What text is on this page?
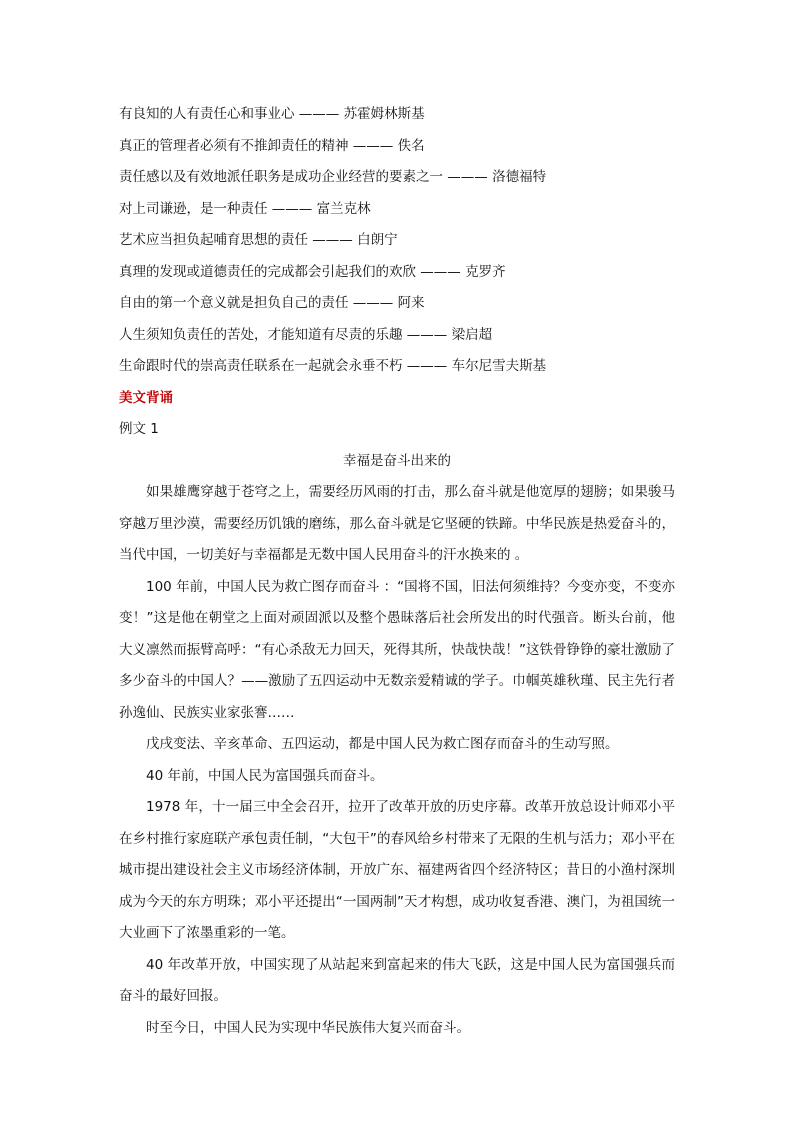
有良知的人有责任心和事业心 ——— 苏霍姆林斯基
真正的管理者必须有不推卸责任的精神 ——— 佚名
责任感以及有效地派任职务是成功企业经营的要素之一 ——— 洛德福特
对上司谦逊，是一种责任 ——— 富兰克林
艺术应当担负起哺育思想的责任 ——— 白朗宁
真理的发现或道德责任的完成都会引起我们的欢欣 ——— 克罗齐
自由的第一个意义就是担负自己的责任 ——— 阿来
人生须知负责任的苦处，才能知道有尽责的乐趣 ——— 梁启超
生命跟时代的崇高责任联系在一起就会永垂不朽 ——— 车尔尼雪夫斯基
美文背诵
例文 1
幸福是奋斗出来的

如果雄鹰穿越于苍穹之上，需要经历风雨的打击，那么奋斗就是他宽厚的翅膀；如果骏马穿越万里沙漠，需要经历饥饿的磨练，那么奋斗就是它坚硬的铁蹄。中华民族是热爱奋斗的，当代中国，一切美好与幸福都是无数中国人民用奋斗的汗水换来的 。

100 年前，中国人民为救亡图存而奋斗 ：“国将不国，旧法何须维持？今变亦变，不变亦变！”这是他在朝堂之上面对顽固派以及整个愚昧落后社会所发出的时代强音。断头台前，他大义凛然而振臂高呼：“有心杀敌无力回天，死得其所，快哉快哉！”这铁骨铮铮的豪壮激励了多少奋斗的中国人？——激励了五四运动中无数亲爱精诚的学子。巾帼英雄秋瑾、民主先行者孙逸仙、民族实业家张謇……

戊戌变法、辛亥革命、五四运动，都是中国人民为救亡图存而奋斗的生动写照。

40 年前，中国人民为富国强兵而奋斗。

1978 年，十一届三中全会召开，拉开了改革开放的历史序幕。改革开放总设计师邓小平在乡村推行家庭联产承包责任制，“大包干”的春风给乡村带来了无限的生机与活力；邓小平在城市提出建设社会主义市场经济体制，开放广东、福建两省四个经济特区；昔日的小渔村深圳成为今天的东方明珠；邓小平还提出“一国两制”天才构想，成功收复香港、澳门，为祖国统一大业画下了浓墨重彩的一笔。

40 年改革开放，中国实现了从站起来到富起来的伟大飞跃，这是中国人民为富国强兵而奋斗的最好回报。

时至今日，中国人民为实现中华民族伟大复兴而奋斗。
